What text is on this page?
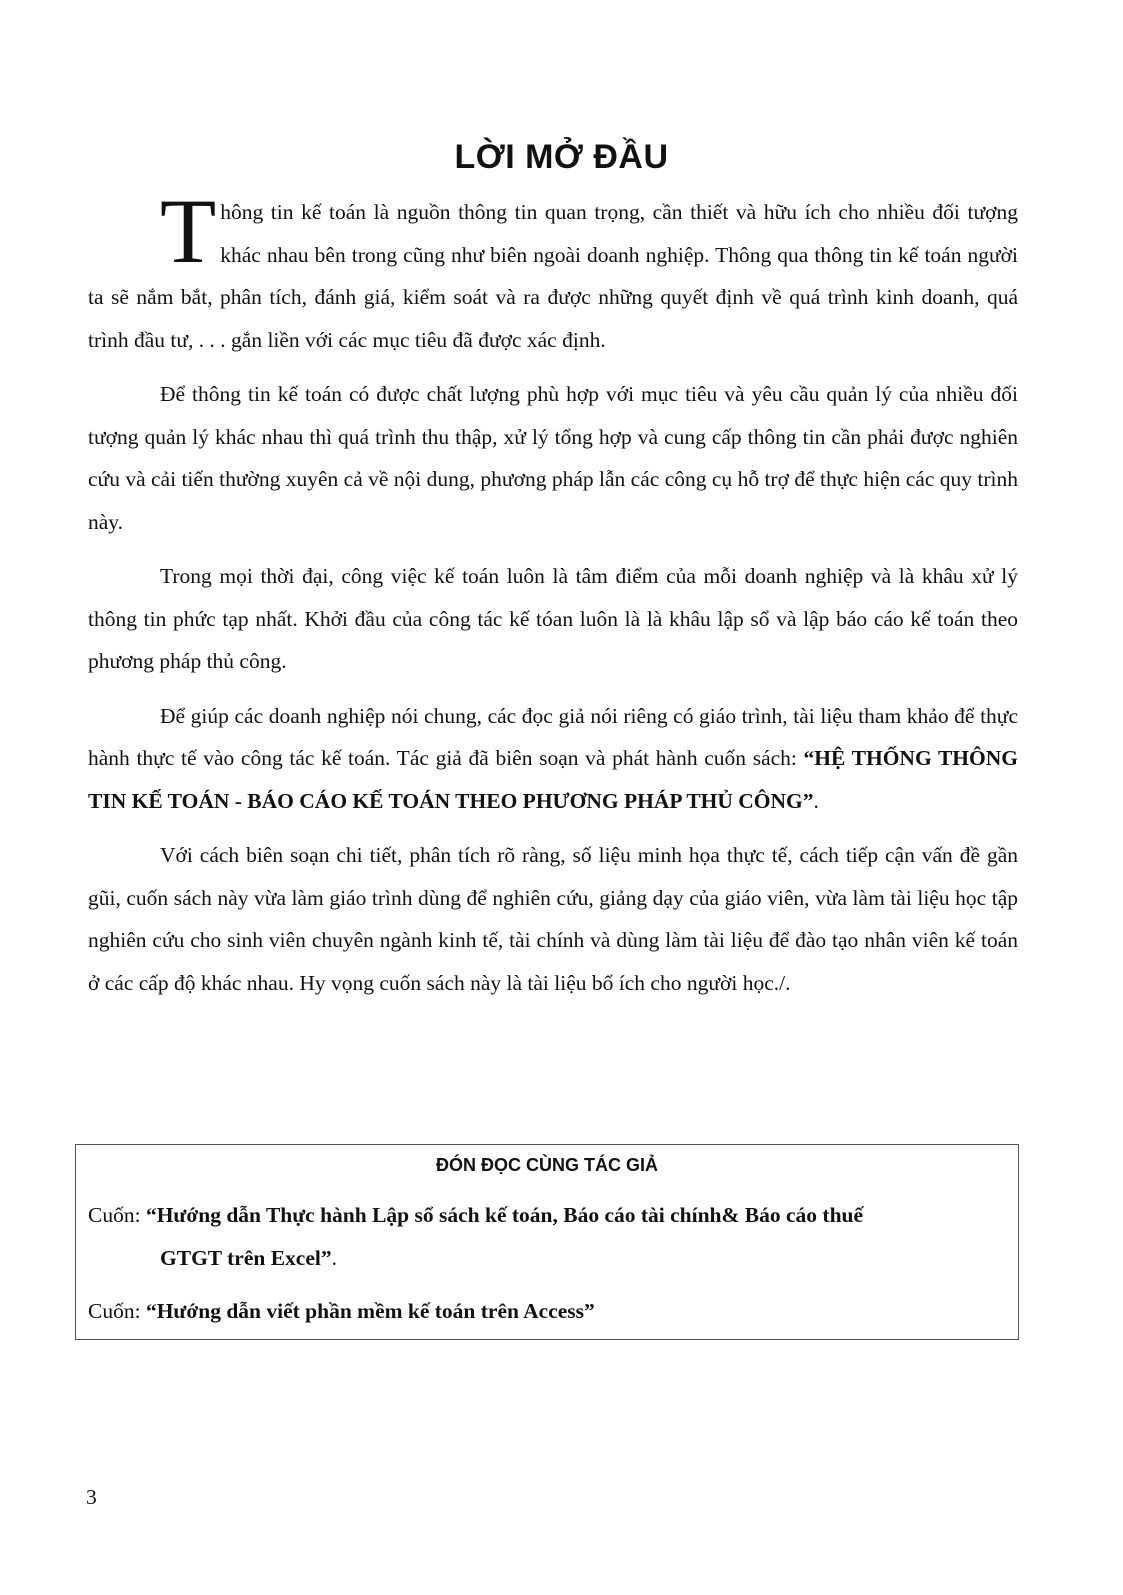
LỜI MỞ ĐẦU

Thông tin kế toán là nguồn thông tin quan trọng, cần thiết và hữu ích cho nhiều đối tượng khác nhau bên trong cũng như biên ngoài doanh nghiệp. Thông qua thông tin kế toán người ta sẽ nắm bắt, phân tích, đánh giá, kiểm soát và ra được những quyết định về quá trình kinh doanh, quá trình đầu tư, . . . gắn liền với các mục tiêu đã được xác định.

Để thông tin kế toán có được chất lượng phù hợp với mục tiêu và yêu cầu quản lý của nhiều đối tượng quản lý khác nhau thì quá trình thu thập, xử lý tổng hợp và cung cấp thông tin cần phải được nghiên cứu và cải tiến thường xuyên cả về nội dung, phương pháp lẫn các công cụ hỗ trợ để thực hiện các quy trình này.

Trong mọi thời đại, công việc kế toán luôn là tâm điểm của mỗi doanh nghiệp và là khâu xử lý thông tin phức tạp nhất. Khởi đầu của công tác kế tóan luôn là là khâu lập sổ và lập báo cáo kế toán theo phương pháp thủ công.

Để giúp các doanh nghiệp nói chung, các đọc giả nói riêng có giáo trình, tài liệu tham khảo để thực hành thực tế vào công tác kế toán. Tác giả đã biên soạn và phát hành cuốn sách: “HỆ THỐNG THÔNG TIN KẾ TOÁN - BÁO CÁO KẾ TOÁN THEO PHƯƠNG PHÁP THỦ CÔNG”.

Với cách biên soạn chi tiết, phân tích rõ ràng, số liệu minh họa thực tế, cách tiếp cận vấn đề gần gũi, cuốn sách này vừa làm giáo trình dùng để nghiên cứu, giảng dạy của giáo viên, vừa làm tài liệu học tập nghiên cứu cho sinh viên chuyên ngành kinh tế, tài chính và dùng làm tài liệu để đào tạo nhân viên kế toán ở các cấp độ khác nhau. Hy vọng cuốn sách này là tài liệu bổ ích cho người học./.

ĐÓN ĐỌC CÙNG TÁC GIẢ
Cuốn: “Hướng dẫn Thực hành Lập sổ sách kế toán, Báo cáo tài chính& Báo cáo thuế
GTGT trên Excel”.
Cuốn: “Hướng dẫn viết phần mềm kế toán trên Access”
3
